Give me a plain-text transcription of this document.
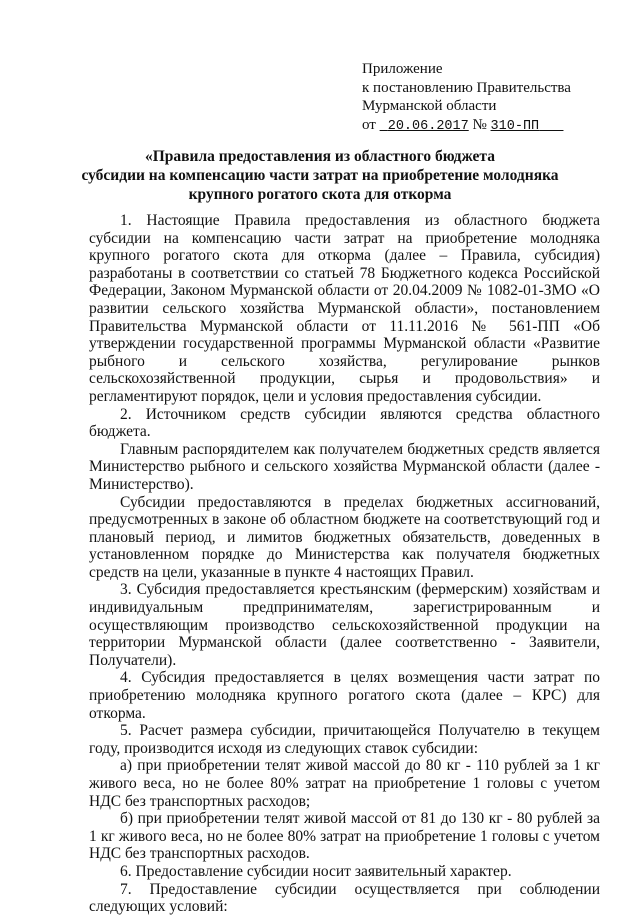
Приложение
к постановлению Правительства
Мурманской области
от 20.06.2017 № 310-ПП
«Правила предоставления из областного бюджета
субсидии на компенсацию части затрат на приобретение молодняка
крупного рогатого скота для откорма

1. Настоящие Правила предоставления из областного бюджета субсидии на компенсацию части затрат на приобретение молодняка крупного рогатого скота для откорма (далее – Правила, субсидия) разработаны в соответствии со статьей 78 Бюджетного кодекса Российской Федерации, Законом Мурманской области от 20.04.2009 № 1082-01-ЗМО «О развитии сельского хозяйства Мурманской области», постановлением Правительства Мурманской области от 11.11.2016 № 561-ПП «Об утверждении государственной программы Мурманской области «Развитие рыбного и сельского хозяйства, регулирование рынков сельскохозяйственной продукции, сырья и продовольствия» и регламентируют порядок, цели и условия предоставления субсидии.

2. Источником средств субсидии являются средства областного бюджета.

Главным распорядителем как получателем бюджетных средств является Министерство рыбного и сельского хозяйства Мурманской области (далее - Министерство).

Субсидии предоставляются в пределах бюджетных ассигнований, предусмотренных в законе об областном бюджете на соответствующий год и плановый период, и лимитов бюджетных обязательств, доведенных в установленном порядке до Министерства как получателя бюджетных средств на цели, указанные в пункте 4 настоящих Правил.

3. Субсидия предоставляется крестьянским (фермерским) хозяйствам и индивидуальным предпринимателям, зарегистрированным и осуществляющим производство сельскохозяйственной продукции на территории Мурманской области (далее соответственно - Заявители, Получатели).

4. Субсидия предоставляется в целях возмещения части затрат по приобретению молодняка крупного рогатого скота (далее – КРС) для откорма.

5. Расчет размера субсидии, причитающейся Получателю в текущем году, производится исходя из следующих ставок субсидии:

а) при приобретении телят живой массой до 80 кг - 110 рублей за 1 кг живого веса, но не более 80% затрат на приобретение 1 головы с учетом НДС без транспортных расходов;

б) при приобретении телят живой массой от 81 до 130 кг - 80 рублей за 1 кг живого веса, но не более 80% затрат на приобретение 1 головы с учетом НДС без транспортных расходов.

6. Предоставление субсидии носит заявительный характер.

7. Предоставление субсидии осуществляется при соблюдении следующих условий:
